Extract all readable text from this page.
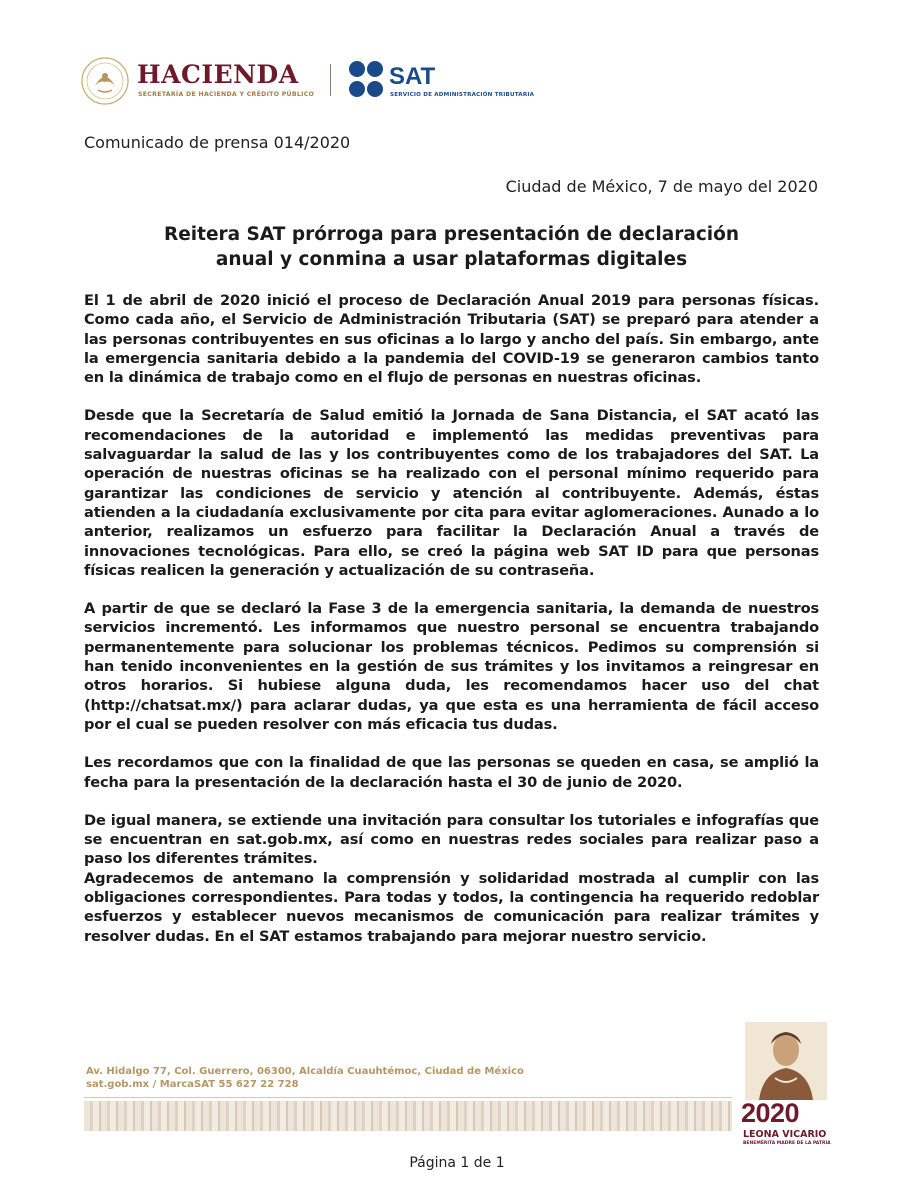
HACIENDA
SECRETARÍA DE HACIENDA Y CRÉDITO PÚBLICO
SAT
SERVICIO DE ADMINISTRACIÓN TRIBUTARIA
Comunicado de prensa 014/2020
Ciudad de México, 7 de mayo del 2020
Reitera SAT prórroga para presentación de declaración
anual y conmina a usar plataformas digitales

El 1 de abril de 2020 inició el proceso de Declaración Anual 2019 para personas físicas. Como cada año, el Servicio de Administración Tributaria (SAT) se preparó para atender a las personas contribuyentes en sus oficinas a lo largo y ancho del país. Sin embargo, ante la emergencia sanitaria debido a la pandemia del COVID-19 se generaron cambios tanto en la dinámica de trabajo como en el flujo de personas en nuestras oficinas.

Desde que la Secretaría de Salud emitió la Jornada de Sana Distancia, el SAT acató las recomendaciones de la autoridad e implementó las medidas preventivas para salvaguardar la salud de las y los contribuyentes como de los trabajadores del SAT. La operación de nuestras oficinas se ha realizado con el personal mínimo requerido para garantizar las condiciones de servicio y atención al contribuyente. Además, éstas atienden a la ciudadanía exclusivamente por cita para evitar aglomeraciones. Aunado a lo anterior, realizamos un esfuerzo para facilitar la Declaración Anual a través de innovaciones tecnológicas. Para ello, se creó la página web SAT ID para que personas físicas realicen la generación y actualización de su contraseña.

A partir de que se declaró la Fase 3 de la emergencia sanitaria, la demanda de nuestros servicios incrementó. Les informamos que nuestro personal se encuentra trabajando permanentemente para solucionar los problemas técnicos. Pedimos su comprensión si han tenido inconvenientes en la gestión de sus trámites y los invitamos a reingresar en otros horarios. Si hubiese alguna duda, les recomendamos hacer uso del chat (http://chatsat.mx/) para aclarar dudas, ya que esta es una herramienta de fácil acceso por el cual se pueden resolver con más eficacia tus dudas.

Les recordamos que con la finalidad de que las personas se queden en casa, se amplió la fecha para la presentación de la declaración hasta el 30 de junio de 2020.

De igual manera, se extiende una invitación para consultar los tutoriales e infografías que se encuentran en sat.gob.mx, así como en nuestras redes sociales para realizar paso a paso los diferentes trámites.

Agradecemos de antemano la comprensión y solidaridad mostrada al cumplir con las obligaciones correspondientes. Para todas y todos, la contingencia ha requerido redoblar esfuerzos y establecer nuevos mecanismos de comunicación para realizar trámites y resolver dudas. En el SAT estamos trabajando para mejorar nuestro servicio.

Av. Hidalgo 77, Col. Guerrero, 06300, Alcaldía Cuauhtémoc, Ciudad de México
sat.gob.mx / MarcaSAT 55 627 22 728
2020
LEONA VICARIO
BENEMÉRITA MADRE DE LA PATRIA
Página 1 de 1
